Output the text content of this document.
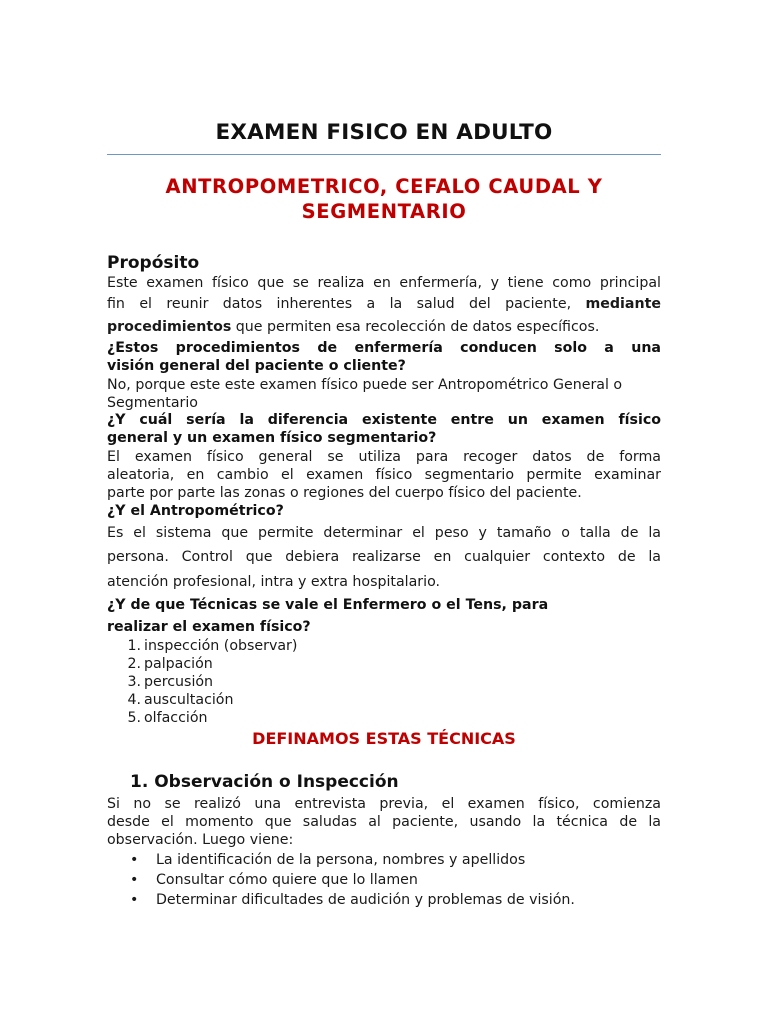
EXAMEN FISICO EN ADULTO
ANTROPOMETRICO, CEFALO CAUDAL Y
SEGMENTARIO
Propósito

Este examen físico que se realiza en enfermería, y tiene como principal
fin el reunir datos inherentes a la salud del paciente, mediante
procedimientos que permiten esa recolección de datos específicos.

¿Estos procedimientos de enfermería conducen solo a una
visión general del paciente o cliente?

No, porque este este examen físico puede ser Antropométrico General o
Segmentario

¿Y cuál sería la diferencia existente entre un examen físico
general y un examen físico segmentario?

El examen físico general se utiliza para recoger datos de forma
aleatoria, en cambio el examen físico segmentario permite examinar
parte por parte las zonas o regiones del cuerpo físico del paciente.

¿Y el Antropométrico?

Es el sistema que permite determinar el peso y tamaño o talla de la
persona. Control que debiera realizarse en cualquier contexto de la
atención profesional, intra y extra hospitalario.

¿Y de que Técnicas se vale el Enfermero o el Tens, para
realizar el examen físico?

1. inspección (observar)
2. palpación
3. percusión
4. auscultación
5. olfacción
DEFINAMOS ESTAS TÉCNICAS
1. Observación o Inspección

Si no se realizó una entrevista previa, el examen físico, comienza
desde el momento que saludas al paciente, usando la técnica de la
observación. Luego viene:

• La identificación de la persona, nombres y apellidos
• Consultar cómo quiere que lo llamen
• Determinar dificultades de audición y problemas de visión.
